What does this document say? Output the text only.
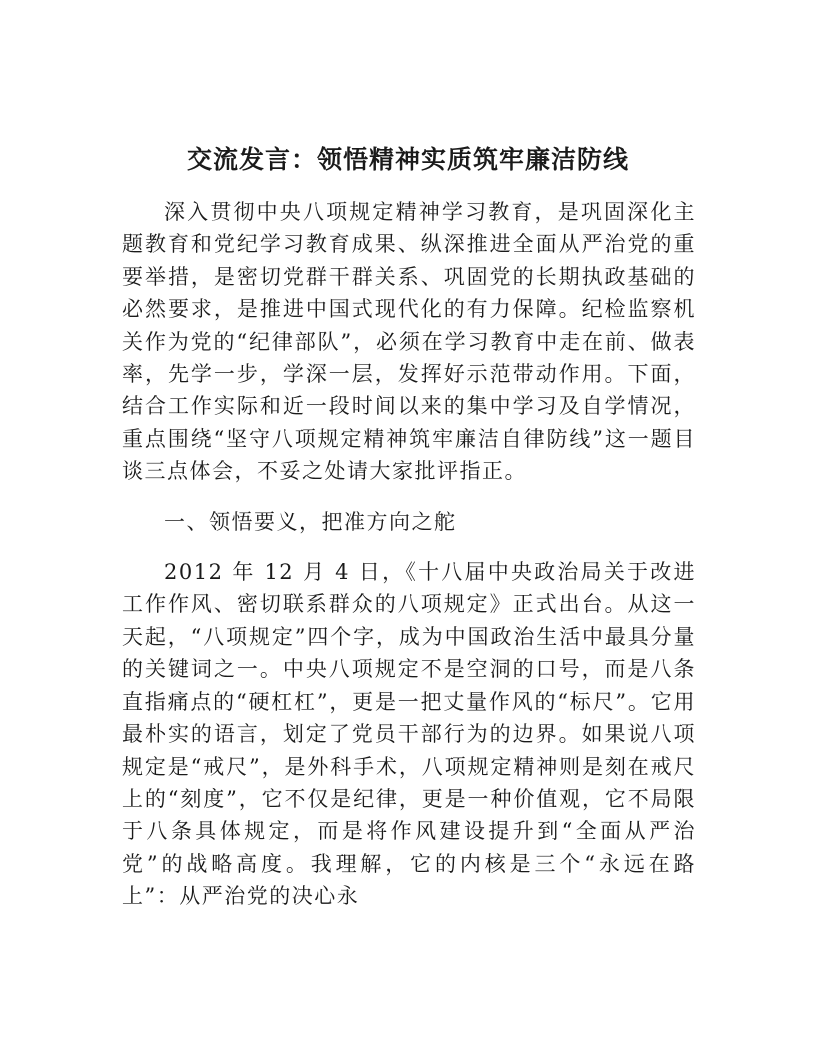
交流发言：领悟精神实质筑牢廉洁防线

深入贯彻中央八项规定精神学习教育，是巩固深化主题教育和党纪学习教育成果、纵深推进全面从严治党的重要举措，是密切党群干群关系、巩固党的长期执政基础的必然要求，是推进中国式现代化的有力保障。纪检监察机关作为党的“纪律部队”，必须在学习教育中走在前、做表率，先学一步，学深一层，发挥好示范带动作用。下面，结合工作实际和近一段时间以来的集中学习及自学情况，重点围绕“坚守八项规定精神筑牢廉洁自律防线”这一题目谈三点体会，不妥之处请大家批评指正。

一、领悟要义，把准方向之舵

2012 年 12 月 4 日，《十八届中央政治局关于改进工作作风、密切联系群众的八项规定》正式出台。从这一天起，“八项规定”四个字，成为中国政治生活中最具分量的关键词之一。中央八项规定不是空洞的口号，而是八条直指痛点的“硬杠杠”，更是一把丈量作风的“标尺”。它用最朴实的语言，划定了党员干部行为的边界。如果说八项规定是“戒尺”，是外科手术，八项规定精神则是刻在戒尺上的“刻度”，它不仅是纪律，更是一种价值观，它不局限于八条具体规定，而是将作风建设提升到“全面从严治党”的战略高度。我理解，它的内核是三个“永远在路上”：从严治党的决心永
